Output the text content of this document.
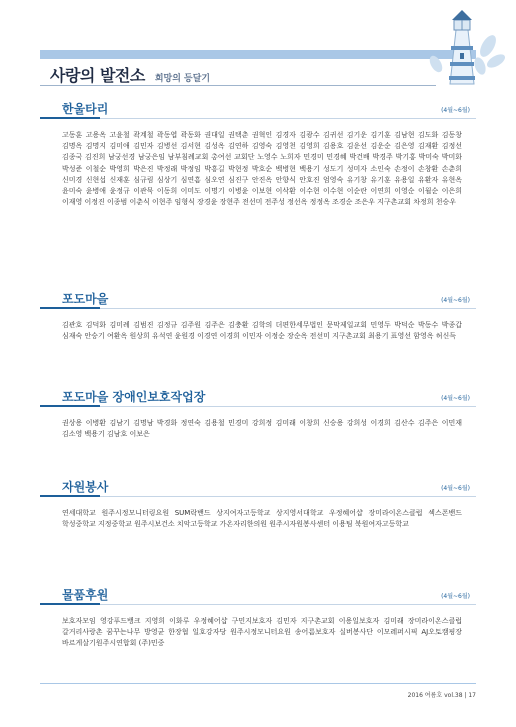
사랑의 발전소 희망의 등달기
한울타리	(4월~6월)
고동훈 고용옥 고윤철 곽계철 곽동엽 곽동화 권대일 권택춘 권혁인 김경자 김광수 김귀선 김기운 김기훈 김남현 김도화 김동창 김명옥 김명지 김미애 김민자 김병선 김서현 김성옥 김연하 김영숙 김영천 김영희 김용호 김운선 김운순 김은영 김재환 김정선 김종국 김진희 남궁선경 남궁은임 남부침례교회 총여선 교회단 노영수 노희자 민경미 민경혜 박건배 박경주 박기홍 박미숙 박미화 박성준 이철순 박영희 박은진 박정래 박정임 박흥길 박현정 박호순 백병현 백용기 성도기 성미자 소인숙 손정이 손창환 손춘희 신미경 신현섭 신재훈 심규림 심상기 심연흠 심오연 심진구 안진옥 안향식 안호진 엄영숙 유기창 유기훈 유용일 유환자 유현옥 윤미숙 윤병애 윤정규 이관묵 이동희 이미도 이명기 이병윤 이보현 이삭환 이수현 이수현 이순란 이연희 이영순 이월순 이은희 이재영 이정진 이종범 이춘식 이현주 임형식 장경윤 장현주 전선미 전주성 정선옥 정정옥 조경순 조은우 지구촌교회 차정희 천승우
포도마을	(4월~6월)
김관호 김덕화 김미례 김범진 김정규 김주원 김주은 김충환 김학의 더편한세무법인 문막제일교회 민영두 박덕순 박동수 박종갑 심재숙 안승기 여환옥 원상희 유석연 윤원경 이경연 이경희 이민자 이정순 장순옥 전선미 지구촌교회 최용기 표영선 함영옥 허신득
포도마을 장애인보호작업장	(4월~6월)
권상용 이병환 김남기 김명남 박경화 정연숙 김용철 민경미 강희정 김미래 이창희 신승용 강희성 이경희 김산수 김주은 이민재 김소영 백용기 김남호 이보은
자원봉사	(4월~6월)
연세대학교 원주시정모니터링요원 SUM락밴드 상지여자고등학교 상지영서대학교 우정혜어샵 장미라이온스클럽 섹스폰밴드 학성중학교 지정중학교 원주시보건소 치악고등학교 가온자리한의원 원주시자원봉사센터 이용팀 북원여자고등학교
물품후원	(4월~6월)
보호자모임 영강푸드뱅크 지영희 이화루 우정혜어샵 구민지보호자 김민자 지구촌교회 이용일보호자 김미래 장미라이온스클럽 갈거리사랑촌 꿈꾸는나무 방영균 한장협 일호강자당 원주시정모니터요원 송어름보호자 실버봉사단 이모레퍼시픽 AJ오토캠핑장 바르게살기원주시연합회 (주)민중
2016 여름호 vol.38 | 17
